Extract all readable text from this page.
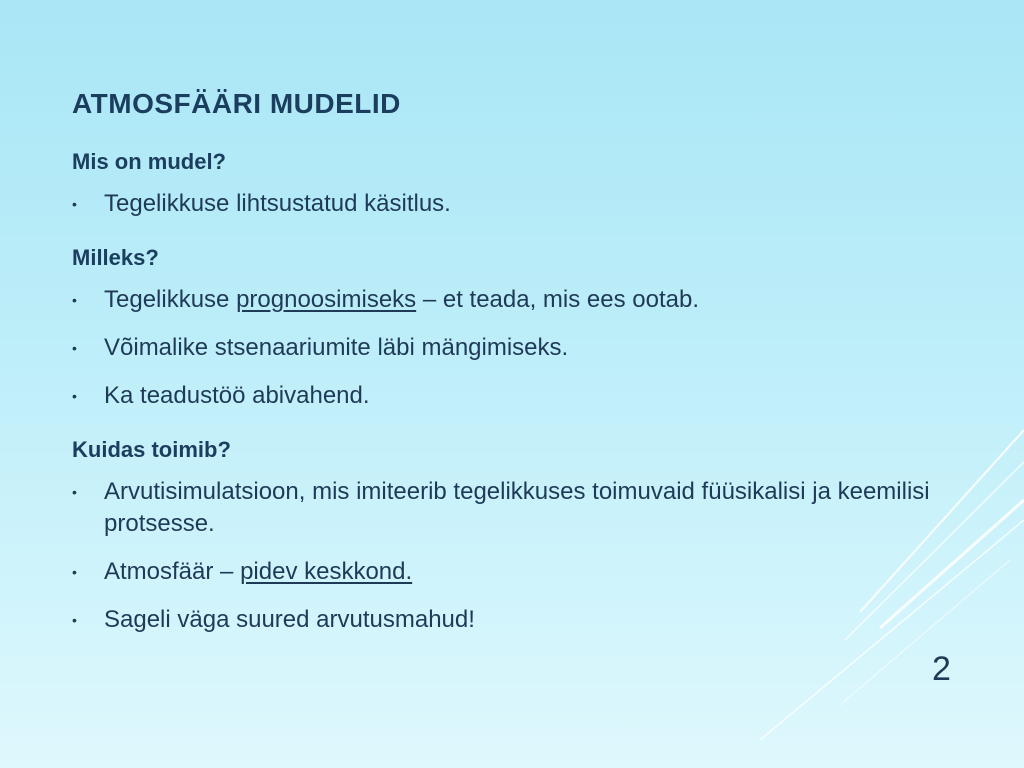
ATMOSFÄÄRI MUDELID
Mis on mudel?
• Tegelikkuse lihtsustatud käsitlus.
Milleks?
• Tegelikkuse prognoosimiseks – et teada, mis ees ootab.
• Võimalike stsenaariumite läbi mängimiseks.
• Ka teadustöö abivahend.
Kuidas toimib?
• Arvutisimulatsioon, mis imiteerib tegelikkuses toimuvaid füüsikalisi ja keemilisi protsesse.
• Atmosfäär – pidev keskkond.
• Sageli väga suured arvutusmahud!
2
